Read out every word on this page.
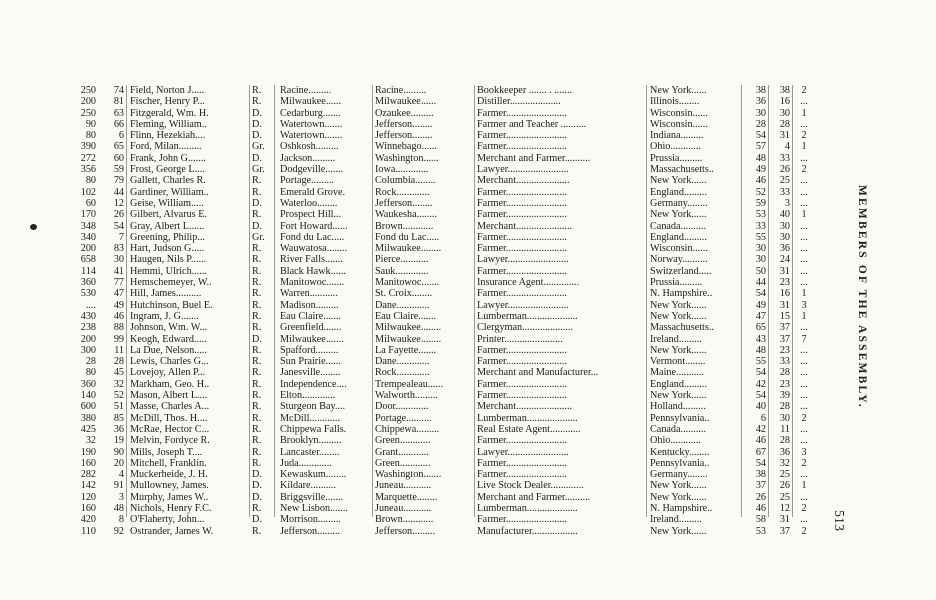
250	74 Field, Norton J.....	R.	Racine.........	Racine.........	Bookkeeper ....... . .......	New York......	38	38	2
200	81 Fischer, Henry P...	R.	Milwaukee......	Milwaukee......	Distiller....................	Illinois........	36	16 ...
250	63 Fitzgerald, Wm. H.	D.	Cedarburg.......	Ozaukee.........	Farmer........................	Wisconsin......	30	30	1
90	66 Fleming, William..	D.	Watertown.......	Jefferson........	Farmer and Teacher ..........	Wisconsin......	28	28 ...
80	6 Flinn, Hezekiah....	D.	Watertown.......	Jefferson........	Farmer........................	Indiana.........	54	31	2
390	65 Ford, Milan.........	Gr.	Oshkosh.........	Winnebago......	Farmer........................	Ohio............	57	4	1
272	60 Frank, John G.......	D.	Jackson.........	Washington......	Merchant and Farmer..........	Prussia.........	48	33 ...
356	59 Frost, George L....	Gr.	Dodgeville.......	Iowa.............	Lawyer........................	Massachusetts..	49	26	2
80	79 Gallett, Charles R.	R.	Portage.........	Columbia........	Merchant.....................	New York......	46	25 ...
102	44 Gardiner, William..	R.	Emerald Grove.	Rock.............	Farmer........................	England.........	52	33 ...
60	12 Geise, William.....	D.	Waterloo........	Jefferson........	Farmer........................	Germany........	59	3 ...
170	26 Gilbert, Alvarus E.	R.	Prospect Hill...	Waukesha........	Farmer........................	New York......	53	40	1
348	54 Gray, Albert L......	D.	Fort Howard......	Brown............	Merchant......................	Canada..........	33	30 ...
340	7 Greening, Philip...	Gr.	Fond du Lac.....	Fond du Lac.....	Farmer........................	England.........	55	30 ...
200	83 Hart, Judson G.....	R.	Wauwatosa........	Milwaukee........	Farmer........................	Wisconsin......	30	36 ...
658	30 Haugen, Nils P......	R.	River Falls.......	Pierce...........	Lawyer........................	Norway..........	30	24 ...
114	41 Hemmi, Ulrich......	R.	Black Hawk......	Sauk.............	Farmer........................	Switzerland.....	50	31 ...
360	77 Hemschemeyer, W..	R.	Manitowoc.......	Manitowoc.......	Insurance Agent..............	Prussia.........	44	23 ...
530	47 Hill, James..........	R.	Warren...........	St. Croix........	Farmer........................	N. Hampshire..	54	16	1
....	49 Hutchinson, Buel E.	R.	Madison.........	Dane.............	Lawyer........................	New York......	49	31	3
430	46 Ingram, J. G.......	R.	Eau Claire.......	Eau Claire.......	Lumberman....................	New York......	47	15	1
238	88 Johnson, Wm. W...	R.	Greenfield.......	Milwaukee........	Clergyman....................	Massachusetts..	65	37 ...
200	99 Keogh, Edward.....	D.	Milwaukee.......	Milwaukee........	Printer.......................	Ireland.........	43	37	7
300	11 La Due, Nelson.....	R.	Spafford.........	La Fayette.......	Farmer........................	New York......	48	23 ...
28	28 Lewis, Charles G...	R.	Sun Prairie......	Dane.............	Farmer........................	Vermont........	55	33 ...
80	45 Lovejoy, Allen P...	R.	Janesville........	Rock.............	Merchant and Manufacturer...	Maine...........	54	28 ...
360	32 Markham, Geo. H..	R.	Independence....	Trempealeau......	Farmer........................	England.........	42	23 ...
140	52 Mason, Albert L....	R.	Elton.............	Walworth.........	Farmer........................	New York......	54	39 ...
600	51 Masse, Charles A...	R.	Sturgeon Bay....	Door.............	Merchant......................	Holland.........	40	28 ...
380	85 McDill, Thos. H....	R.	McDill............	Portage..........	Lumberman....................	Pennsylvania..	6	30	2
425	36 McRae, Hector C...	R.	Chippewa Falls.	Chippewa.........	Real Estate Agent............	Canada..........	42	11 ...
32	19 Melvin, Fordyce R.	R.	Brooklyn.........	Green............	Farmer........................	Ohio............	46	28 ...
190	90 Mills, Joseph T....	R.	Lancaster........	Grant............	Lawyer........................	Kentucky........	67	36	3
160	20 Mitchell, Franklin.	R.	Juda.............	Green............	Farmer........................	Pennsylvania..	54	32	2
282	4 Muckerheide, J. H.	D.	Kewaskum........	Washington.......	Farmer........................	Germany........	38	25 ...
142	91 Mullowney, James.	D.	Kildare..........	Juneau...........	Live Stock Dealer.............	New York......	37	26	1
120	3 Murphy, James W..	D.	Briggsville.......	Marquette........	Merchant and Farmer..........	New York......	26	25 ...
160	48 Nichols, Henry F.C.	R.	New Lisbon.......	Juneau...........	Lumberman....................	N. Hampshire..	46	12	2
420	8 O'Flaherty, John...	D.	Morrison.........	Brown............	Farmer........................	Ireland.........	58	31 ...
110	92 Ostrander, James W.	R.	Jefferson.........	Jefferson.........	Manufacturer..................	New York......	53	37	2
MEMBERS OF THE ASSEMBLY.
513
